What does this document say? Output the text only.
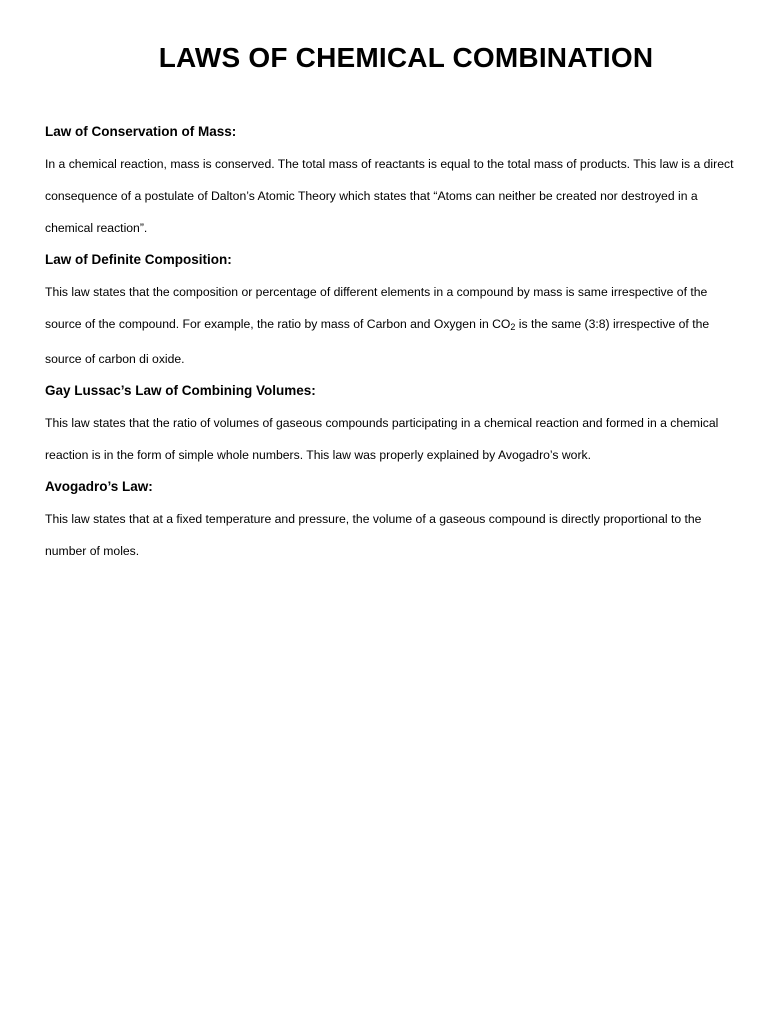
LAWS OF CHEMICAL COMBINATION
Law of Conservation of Mass:

In a chemical reaction, mass is conserved. The total mass of reactants is equal to the total mass of products. This law is a direct consequence of a postulate of Dalton’s Atomic Theory which states that “Atoms can neither be created nor destroyed in a chemical reaction”.

Law of Definite Composition:

This law states that the composition or percentage of different elements in a compound by mass is same irrespective of the source of the compound. For example, the ratio by mass of Carbon and Oxygen in $CO_2$ is the same (3:8) irrespective of the source of carbon di oxide.

Gay Lussac’s Law of Combining Volumes:

This law states that the ratio of volumes of gaseous compounds participating in a chemical reaction and formed in a chemical reaction is in the form of simple whole numbers. This law was properly explained by Avogadro’s work.

Avogadro’s Law:

This law states that at a fixed temperature and pressure, the volume of a gaseous compound is directly proportional to the number of moles.
